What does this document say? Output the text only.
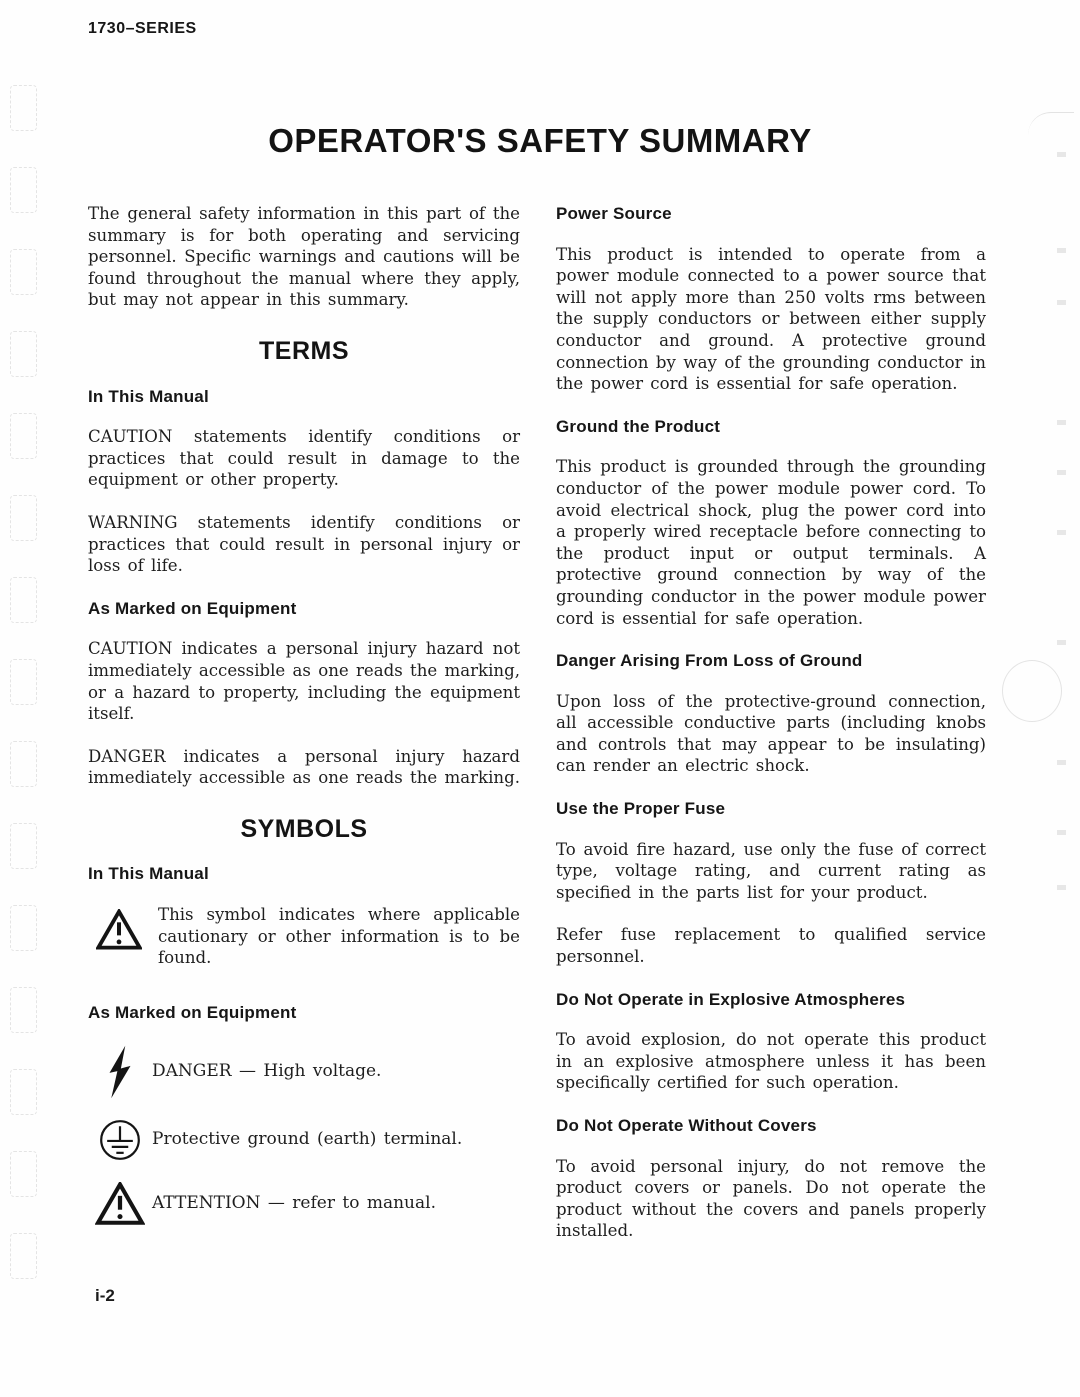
1730–SERIES
OPERATOR'S SAFETY SUMMARY

The general safety information in this part of the summary is for both operating and servicing personnel. Specific warnings and cautions will be found throughout the manual where they apply, but may not appear in this summary.

TERMS
In This Manual

CAUTION statements identify conditions or practices that could result in damage to the equipment or other property.

WARNING statements identify conditions or practices that could result in personal injury or loss of life.

As Marked on Equipment

CAUTION indicates a personal injury hazard not immediately accessible as one reads the marking, or a hazard to property, including the equipment itself.

DANGER indicates a personal injury hazard immediately accessible as one reads the marking.

SYMBOLS
In This Manual

This symbol indicates where applicable cautionary or other information is to be found.

As Marked on Equipment
DANGER — High voltage.
Protective ground (earth) terminal.
ATTENTION — refer to manual.
Power Source

This product is intended to operate from a power module connected to a power source that will not apply more than 250 volts rms between the supply conductors or between either supply conductor and ground. A protective ground connection by way of the grounding conductor in the power cord is essential for safe operation.

Ground the Product

This product is grounded through the grounding conductor of the power module power cord. To avoid electrical shock, plug the power cord into a properly wired receptacle before connecting to the product input or output terminals. A protective ground connection by way of the grounding conductor in the power module power cord is essential for safe operation.

Danger Arising From Loss of Ground

Upon loss of the protective-ground connection, all accessible conductive parts (including knobs and controls that may appear to be insulating) can render an electric shock.

Use the Proper Fuse

To avoid fire hazard, use only the fuse of correct type, voltage rating, and current rating as specified in the parts list for your product.

Refer fuse replacement to qualified service personnel.

Do Not Operate in Explosive Atmospheres

To avoid explosion, do not operate this product in an explosive atmosphere unless it has been specifically certified for such operation.

Do Not Operate Without Covers

To avoid personal injury, do not remove the product covers or panels. Do not operate the product without the covers and panels properly installed.

i-2
